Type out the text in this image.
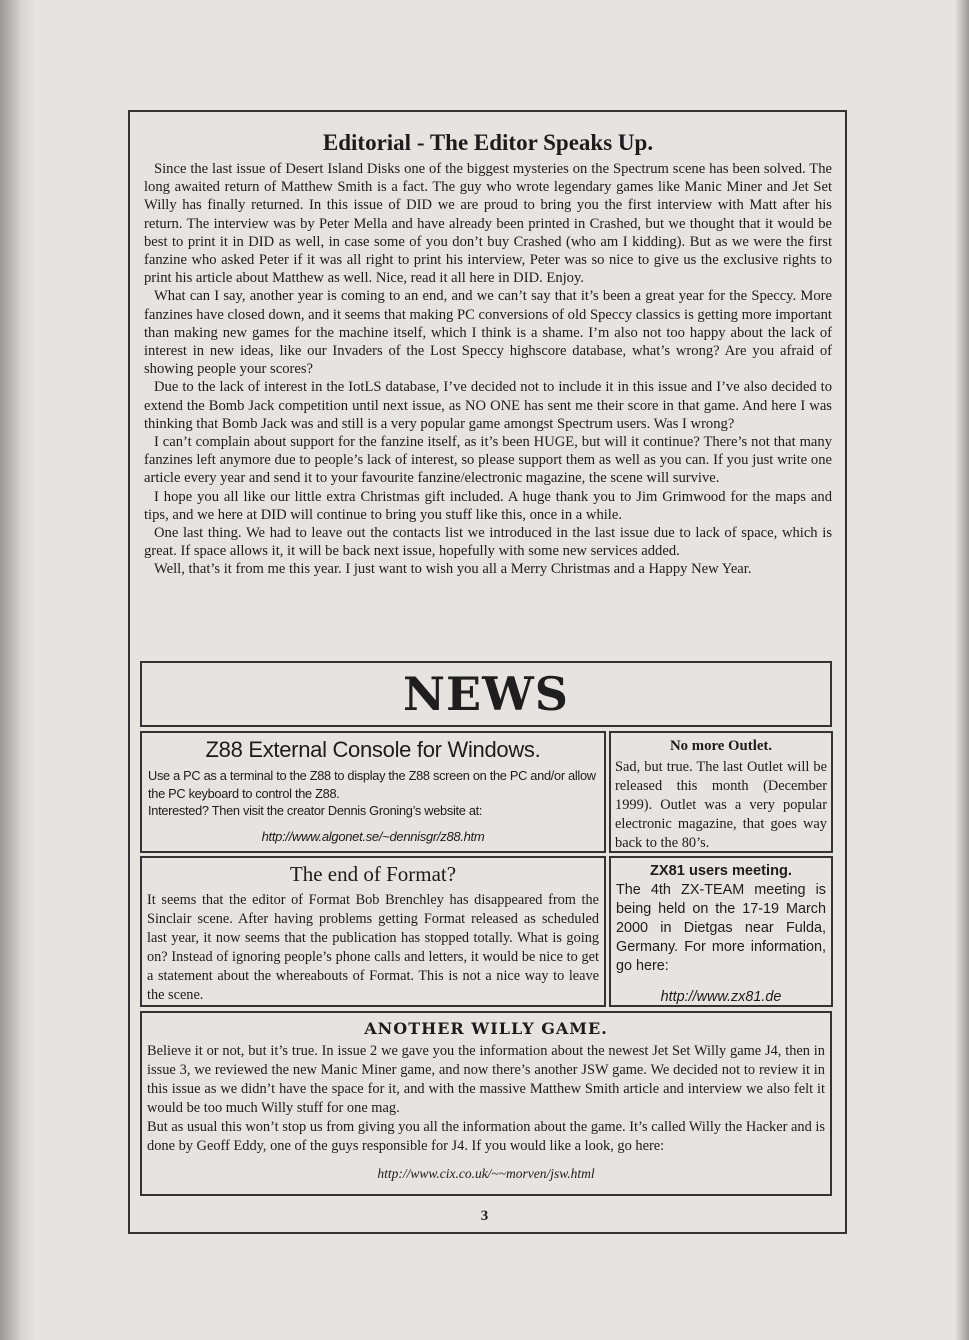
Editorial - The Editor Speaks Up.

Since the last issue of Desert Island Disks one of the biggest mysteries on the Spectrum scene has been solved. The long awaited return of Matthew Smith is a fact. The guy who wrote legendary games like Manic Miner and Jet Set Willy has finally returned. In this issue of DID we are proud to bring you the first interview with Matt after his return. The interview was by Peter Mella and have already been printed in Crashed, but we thought that it would be best to print it in DID as well, in case some of you don’t buy Crashed (who am I kidding). But as we were the first fanzine who asked Peter if it was all right to print his interview, Peter was so nice to give us the exclusive rights to print his article about Matthew as well. Nice, read it all here in DID. Enjoy.

What can I say, another year is coming to an end, and we can’t say that it’s been a great year for the Speccy. More fanzines have closed down, and it seems that making PC conversions of old Speccy classics is getting more important than making new games for the machine itself, which I think is a shame. I’m also not too happy about the lack of interest in new ideas, like our Invaders of the Lost Speccy highscore database, what’s wrong? Are you afraid of showing people your scores?

Due to the lack of interest in the IotLS database, I’ve decided not to include it in this issue and I’ve also decided to extend the Bomb Jack competition until next issue, as NO ONE has sent me their score in that game. And here I was thinking that Bomb Jack was and still is a very popular game amongst Spectrum users. Was I wrong?

I can’t complain about support for the fanzine itself, as it’s been HUGE, but will it continue? There’s not that many fanzines left anymore due to people’s lack of interest, so please support them as well as you can. If you just write one article every year and send it to your favourite fanzine/electronic magazine, the scene will survive.

I hope you all like our little extra Christmas gift included. A huge thank you to Jim Grimwood for the maps and tips, and we here at DID will continue to bring you stuff like this, once in a while.

One last thing. We had to leave out the contacts list we introduced in the last issue due to lack of space, which is great. If space allows it, it will be back next issue, hopefully with some new services added.

Well, that’s it from me this year. I just want to wish you all a Merry Christmas and a Happy New Year.

NEWS
Z88 External Console for Windows.

Use a PC as a terminal to the Z88 to display the Z88 screen on the PC and/or allow the PC keyboard to control the Z88.

Interested? Then visit the creator Dennis Groning’s website at:

http://www.algonet.se/~dennisgr/z88.htm

No more Outlet.

Sad, but true. The last Outlet will be released this month (December 1999). Outlet was a very popular electronic magazine, that goes way back to the 80’s.

The end of Format?

It seems that the editor of Format Bob Brenchley has disappeared from the Sinclair scene. After having problems getting Format released as scheduled last year, it now seems that the publication has stopped totally. What is going on? Instead of ignoring people’s phone calls and letters, it would be nice to get a statement about the whereabouts of Format. This is not a nice way to leave the scene.

ZX81 users meeting.

The 4th ZX-TEAM meeting is being held on the 17-19 March 2000 in Dietgas near Fulda, Germany. For more information, go here:

http://www.zx81.de

ANOTHER WILLY GAME.

Believe it or not, but it’s true. In issue 2 we gave you the information about the newest Jet Set Willy game J4, then in issue 3, we reviewed the new Manic Miner game, and now there’s another JSW game. We decided not to review it in this issue as we didn’t have the space for it, and with the massive Matthew Smith article and interview we also felt it would be too much Willy stuff for one mag.

But as usual this won’t stop us from giving you all the information about the game. It’s called Willy the Hacker and is done by Geoff Eddy, one of the guys responsible for J4. If you would like a look, go here:

http://www.cix.co.uk/~~morven/jsw.html

3
